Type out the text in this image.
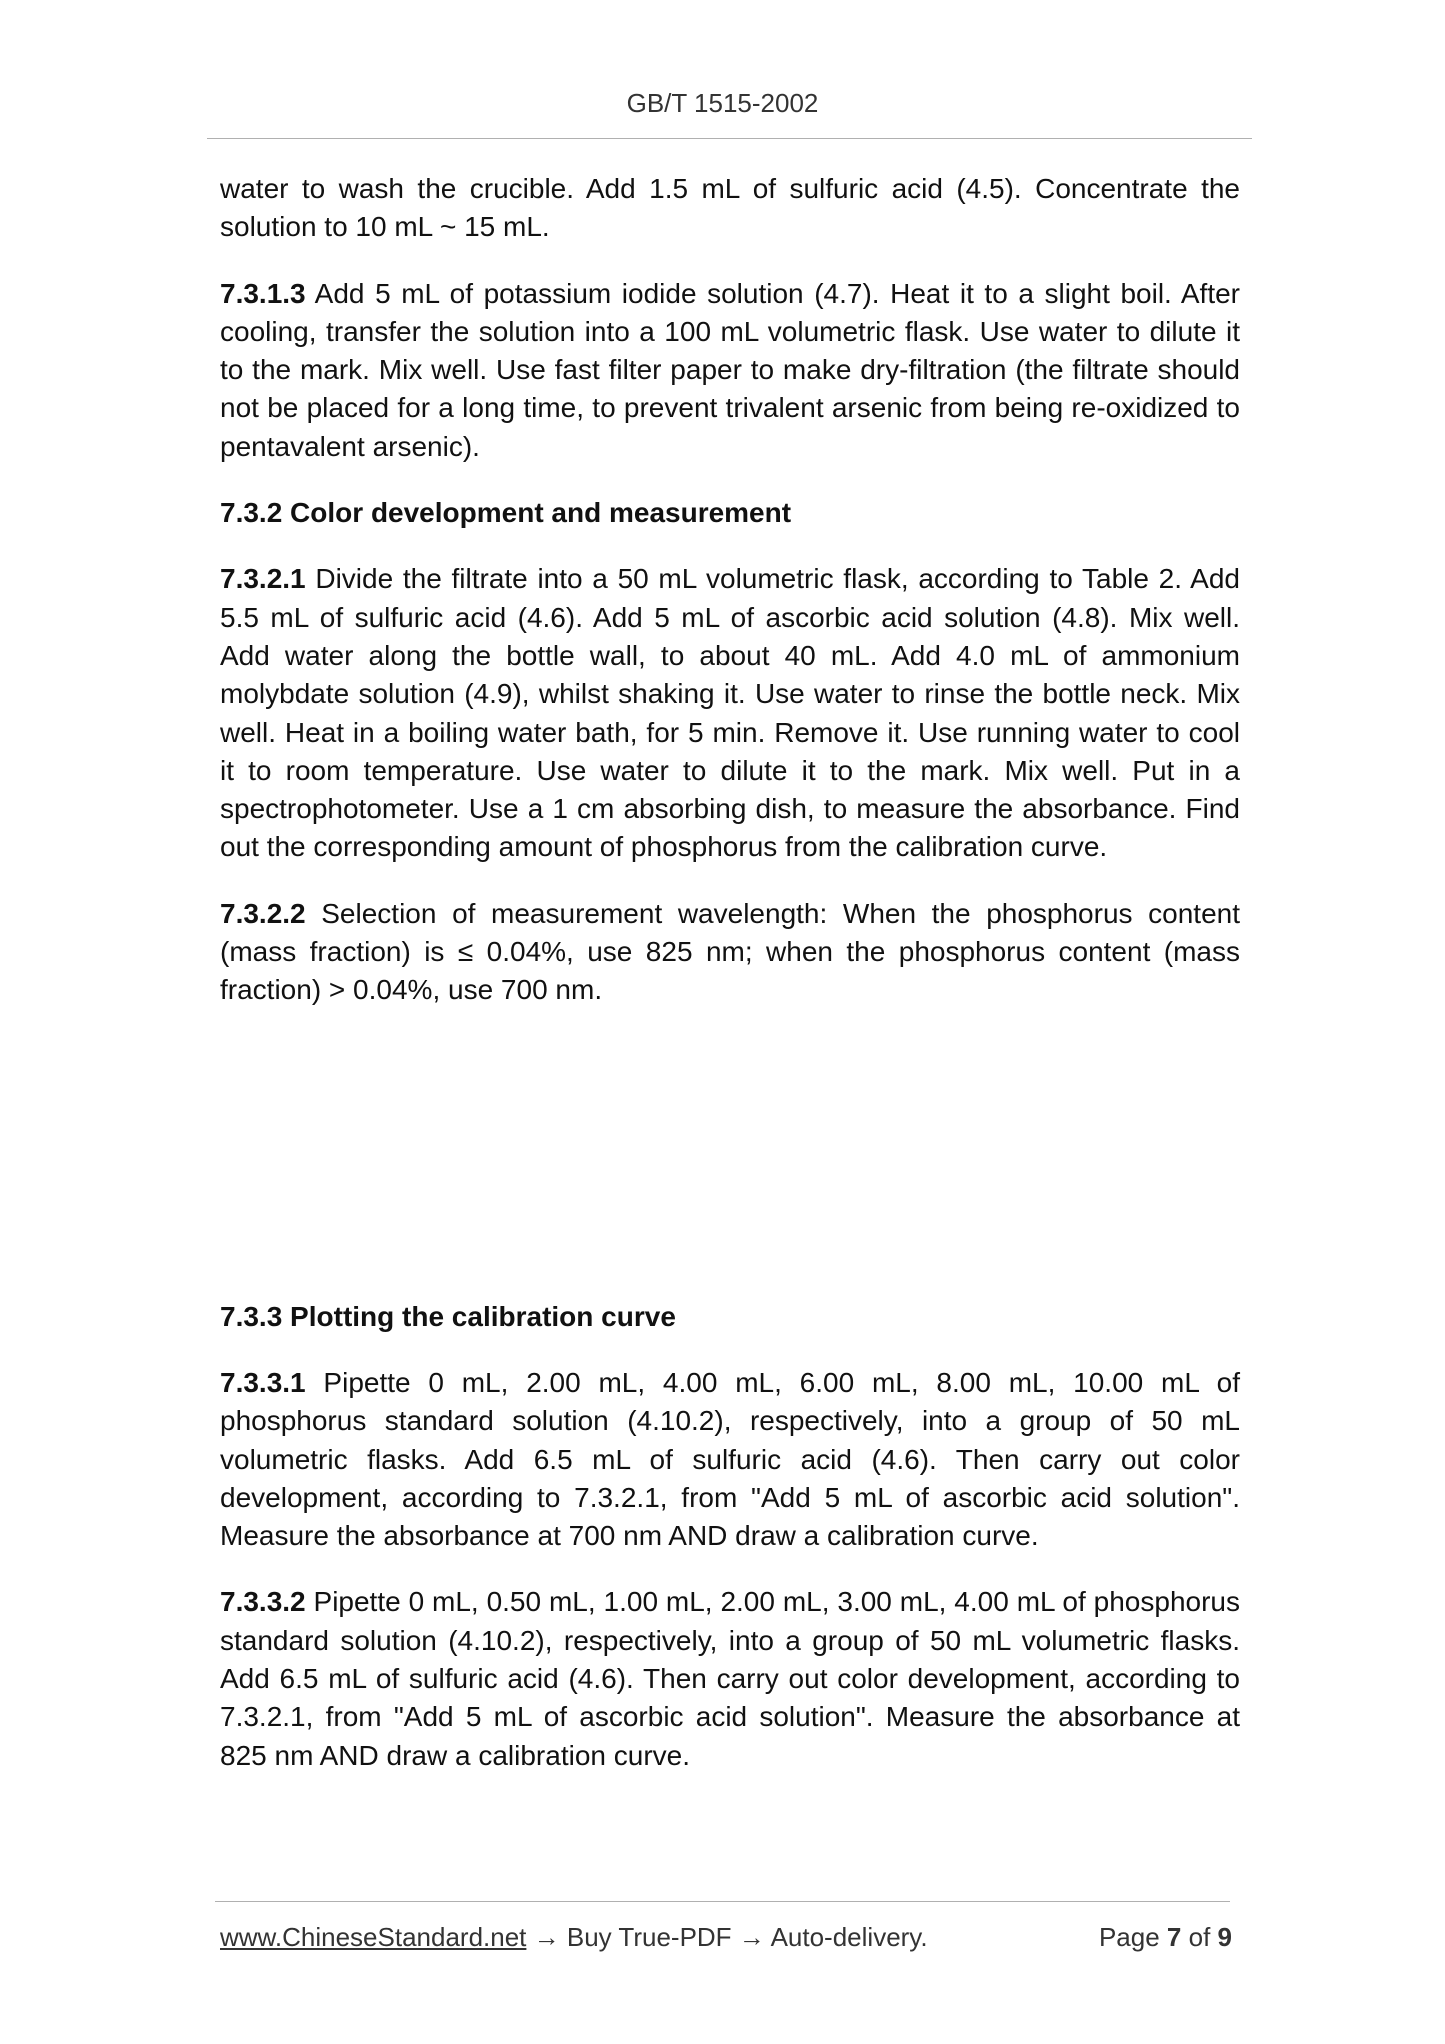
GB/T 1515-2002

water to wash the crucible. Add 1.5 mL of sulfuric acid (4.5). Concentrate the solution to 10 mL ~ 15 mL.

7.3.1.3 Add 5 mL of potassium iodide solution (4.7). Heat it to a slight boil. After cooling, transfer the solution into a 100 mL volumetric flask. Use water to dilute it to the mark. Mix well. Use fast filter paper to make dry-filtration (the filtrate should not be placed for a long time, to prevent trivalent arsenic from being re-oxidized to pentavalent arsenic).

7.3.2 Color development and measurement

7.3.2.1 Divide the filtrate into a 50 mL volumetric flask, according to Table 2. Add 5.5 mL of sulfuric acid (4.6). Add 5 mL of ascorbic acid solution (4.8). Mix well. Add water along the bottle wall, to about 40 mL. Add 4.0 mL of ammonium molybdate solution (4.9), whilst shaking it. Use water to rinse the bottle neck. Mix well. Heat in a boiling water bath, for 5 min. Remove it. Use running water to cool it to room temperature. Use water to dilute it to the mark. Mix well. Put in a spectrophotometer. Use a 1 cm absorbing dish, to measure the absorbance. Find out the corresponding amount of phosphorus from the calibration curve.

7.3.2.2 Selection of measurement wavelength: When the phosphorus content (mass fraction) is ≤ 0.04%, use 825 nm; when the phosphorus content (mass fraction) > 0.04%, use 700 nm.

7.3.3 Plotting the calibration curve

7.3.3.1 Pipette 0 mL, 2.00 mL, 4.00 mL, 6.00 mL, 8.00 mL, 10.00 mL of phosphorus standard solution (4.10.2), respectively, into a group of 50 mL volumetric flasks. Add 6.5 mL of sulfuric acid (4.6). Then carry out color development, according to 7.3.2.1, from "Add 5 mL of ascorbic acid solution". Measure the absorbance at 700 nm AND draw a calibration curve.

7.3.3.2 Pipette 0 mL, 0.50 mL, 1.00 mL, 2.00 mL, 3.00 mL, 4.00 mL of phosphorus standard solution (4.10.2), respectively, into a group of 50 mL volumetric flasks. Add 6.5 mL of sulfuric acid (4.6). Then carry out color development, according to 7.3.2.1, from "Add 5 mL of ascorbic acid solution". Measure the absorbance at 825 nm AND draw a calibration curve.

www.ChineseStandard.net → Buy True-PDF → Auto-delivery.	Page 7 of 9
